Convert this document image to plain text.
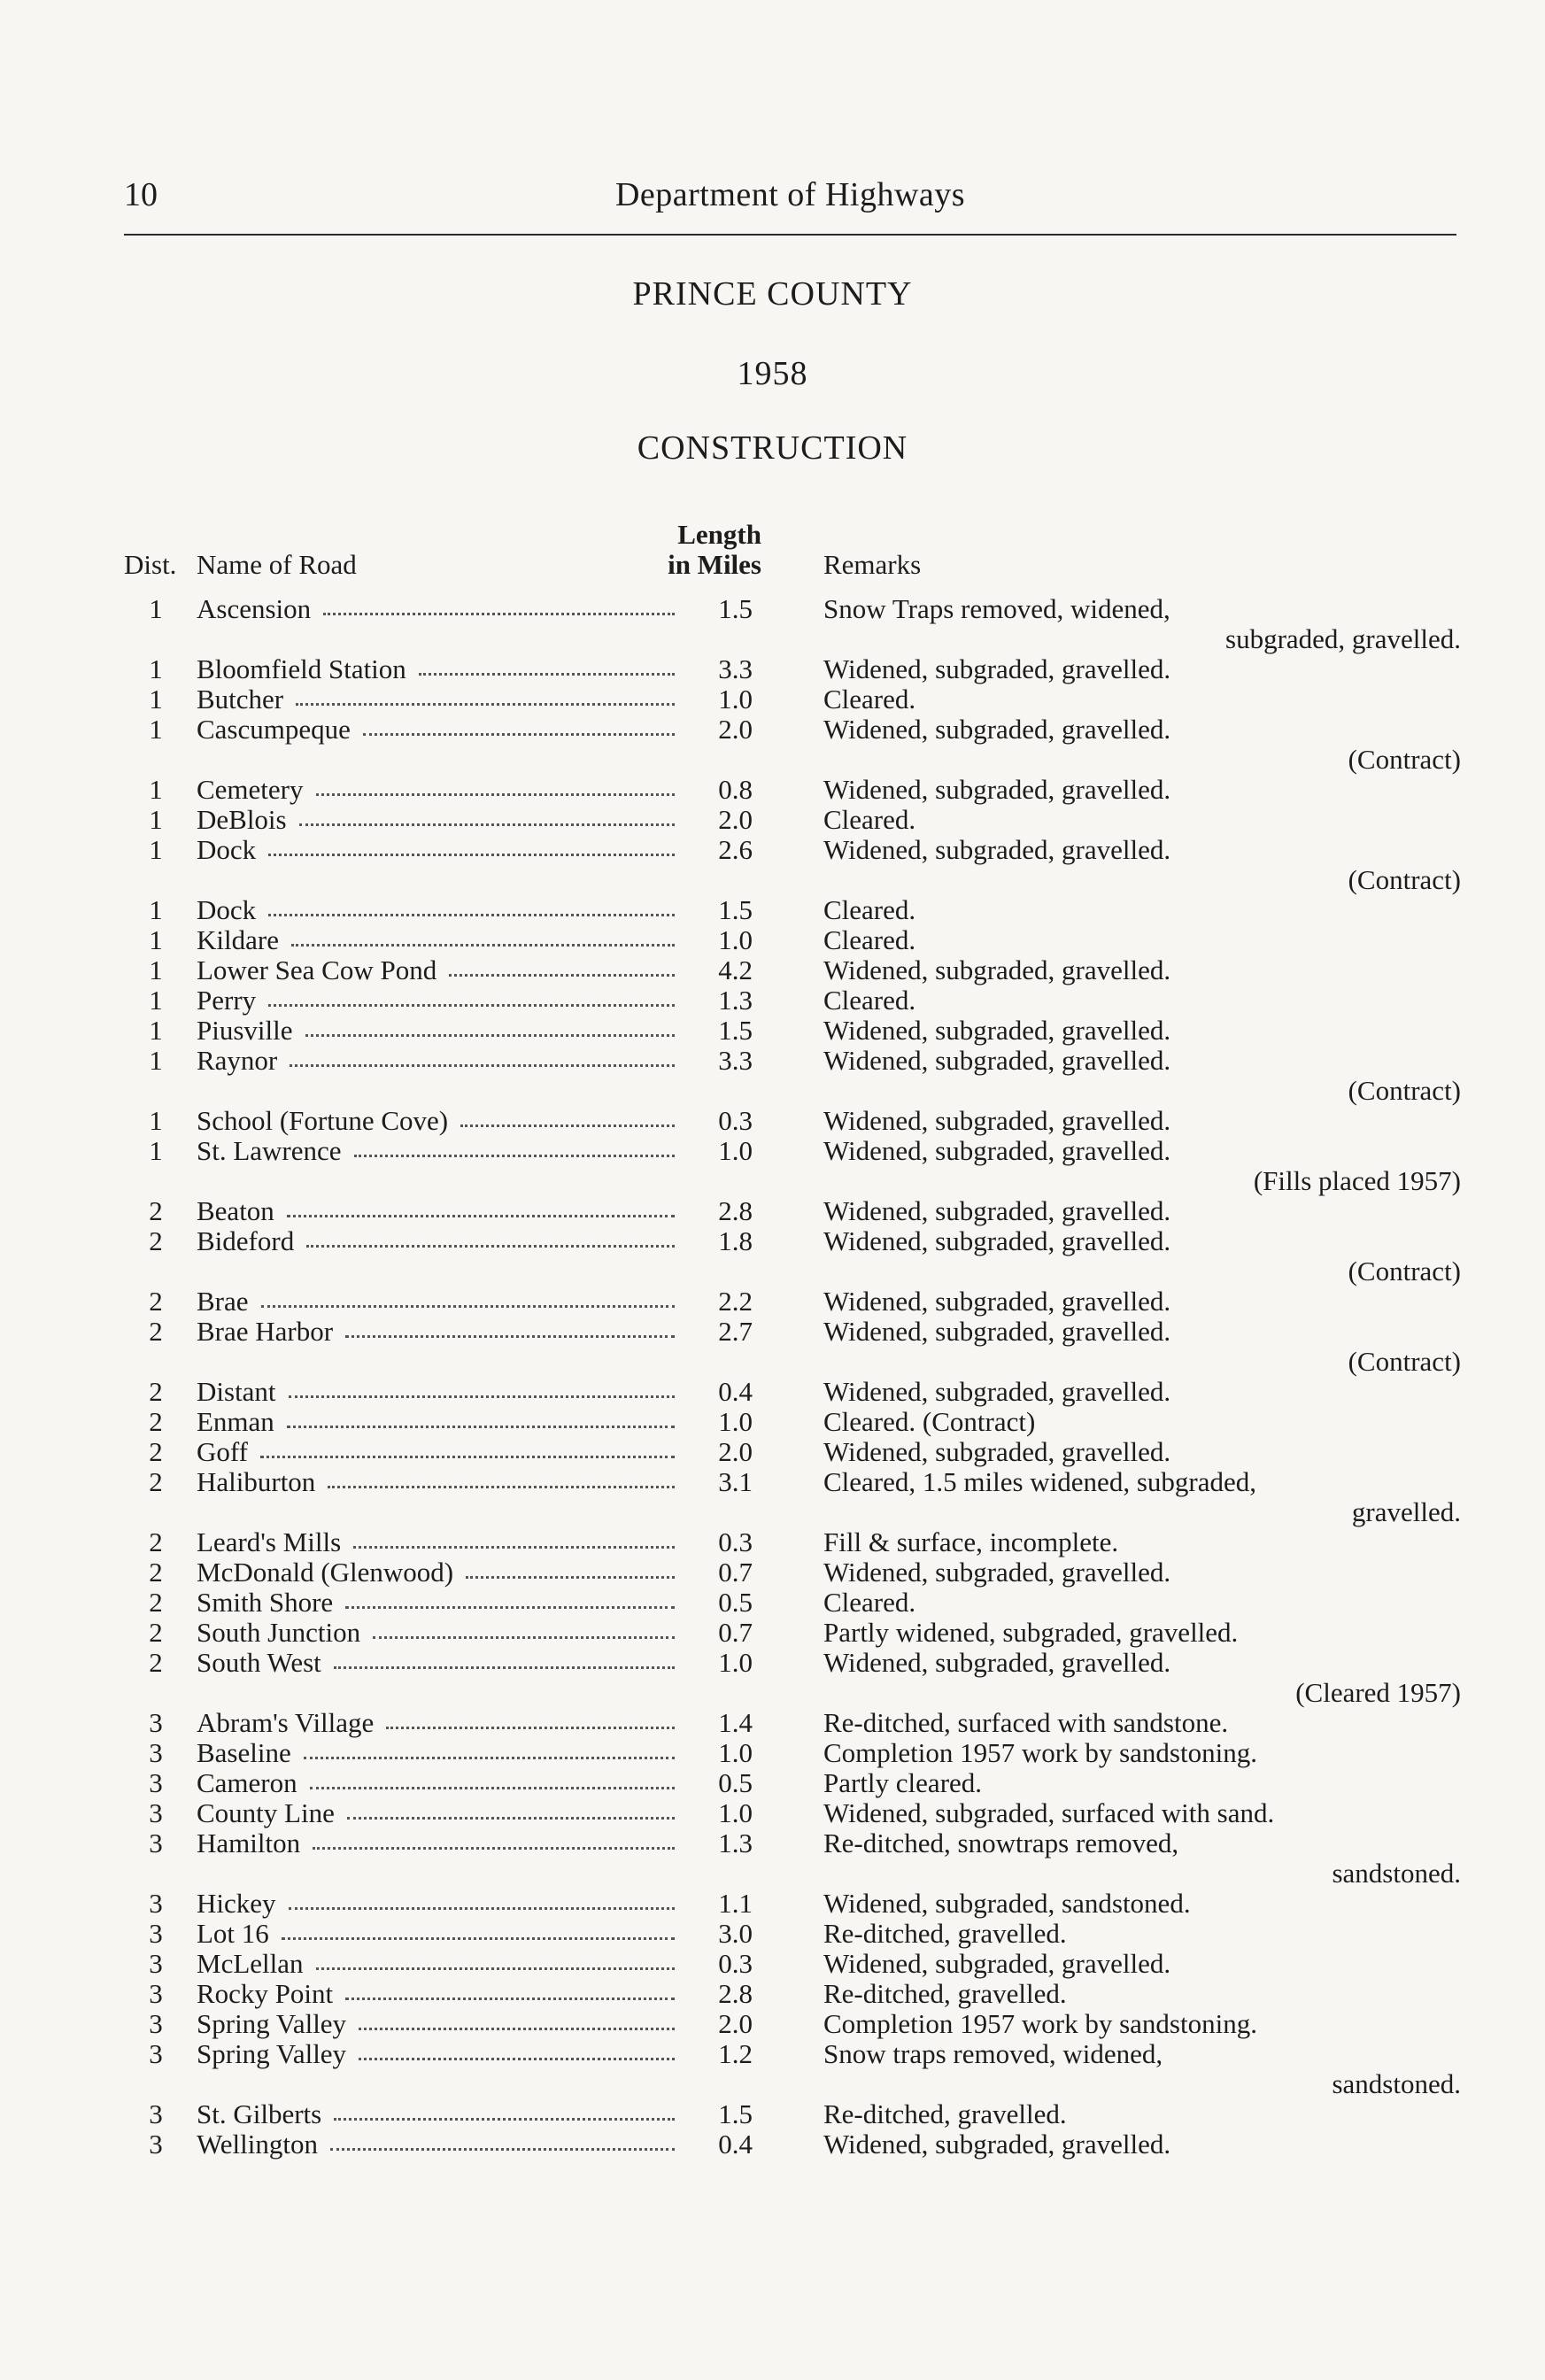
10	Department of Highways
PRINCE COUNTY
1958
CONSTRUCTION
Dist. Name of Road
Length
in Miles Remarks
1 Ascension	1.5	Snow Traps removed, widened,
subgraded, gravelled.
1 Bloomfield Station	3.3	Widened, subgraded, gravelled.
1 Butcher	1.0	Cleared.
1 Cascumpeque	2.0	Widened, subgraded, gravelled.
(Contract)
1 Cemetery	0.8	Widened, subgraded, gravelled.
1 DeBlois	2.0	Cleared.
1 Dock	2.6	Widened, subgraded, gravelled.
(Contract)
1 Dock	1.5	Cleared.
1 Kildare	1.0	Cleared.
1 Lower Sea Cow Pond	4.2	Widened, subgraded, gravelled.
1 Perry	1.3	Cleared.
1 Piusville	1.5	Widened, subgraded, gravelled.
1 Raynor	3.3	Widened, subgraded, gravelled.
(Contract)
1 School (Fortune Cove)	0.3	Widened, subgraded, gravelled.
1 St. Lawrence	1.0	Widened, subgraded, gravelled.
(Fills placed 1957)
2 Beaton	2.8	Widened, subgraded, gravelled.
2 Bideford	1.8	Widened, subgraded, gravelled.
(Contract)
2 Brae	2.2	Widened, subgraded, gravelled.
2 Brae Harbor	2.7	Widened, subgraded, gravelled.
(Contract)
2 Distant	0.4	Widened, subgraded, gravelled.
2 Enman	1.0	Cleared. (Contract)
2 Goff	2.0	Widened, subgraded, gravelled.
2 Haliburton	3.1	Cleared, 1.5 miles widened, subgraded,
gravelled.
2 Leard's Mills	0.3	Fill & surface, incomplete.
2 McDonald (Glenwood)	0.7	Widened, subgraded, gravelled.
2 Smith Shore	0.5	Cleared.
2 South Junction	0.7	Partly widened, subgraded, gravelled.
2 South West	1.0	Widened, subgraded, gravelled.
(Cleared 1957)
3 Abram's Village	1.4	Re-ditched, surfaced with sandstone.
3 Baseline	1.0	Completion 1957 work by sandstoning.
3 Cameron	0.5	Partly cleared.
3 County Line	1.0	Widened, subgraded, surfaced with sand.
3 Hamilton	1.3	Re-ditched, snowtraps removed,
sandstoned.
3 Hickey	1.1	Widened, subgraded, sandstoned.
3 Lot 16	3.0	Re-ditched, gravelled.
3 McLellan	0.3	Widened, subgraded, gravelled.
3 Rocky Point	2.8	Re-ditched, gravelled.
3 Spring Valley	2.0	Completion 1957 work by sandstoning.
3 Spring Valley	1.2	Snow traps removed, widened,
sandstoned.
3 St. Gilberts	1.5	Re-ditched, gravelled.
3 Wellington	0.4	Widened, subgraded, gravelled.
